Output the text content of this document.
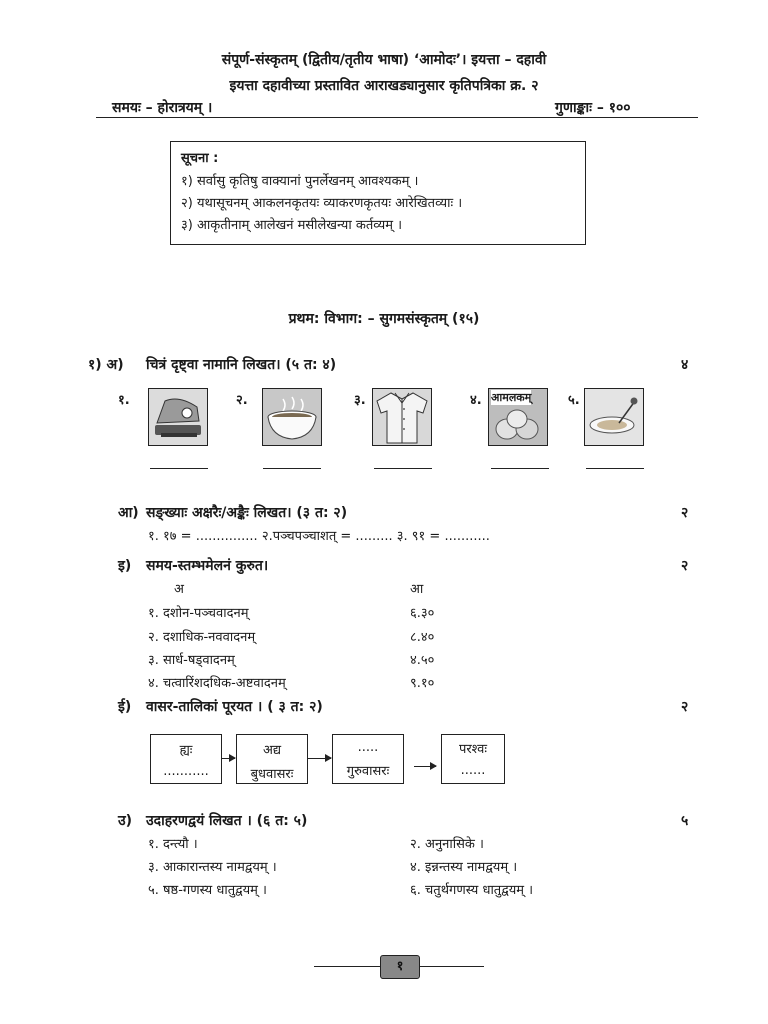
संपूर्ण-संस्कृतम् (द्वितीय/तृतीय भाषा) ‘आमोदः’। इयत्ता – दहावी
इयत्ता दहावीच्या प्रस्तावित आराखड्यानुसार कृतिपत्रिका क्र. २
समयः – होरात्रयम् ।	गुणाङ्काः – १००
सूचना :
१) सर्वासु कृतिषु वाक्यानां पुनर्लेखनम् आवश्यकम् ।
२) यथासूचनम् आकलनकृतयः व्याकरणकृतयः आरेखितव्याः ।
३) आकृतीनाम् आलेखनं मसीलेखन्या कर्तव्यम् ।
प्रथम: विभाग: – सुगमसंस्कृतम् (१५)
१) अ) चित्रं दृष्ट्वा नामानि लिखत। (५ त: ४)	४
१.	२.	३.	४. आमलकम्	५.
आ) सङ्ख्याः अक्षरैः/अङ्कैः लिखत। (३ त: २)	२
१. १७ = ............... २.पञ्चपञ्चाशत् = ......... ३. ९१ = ...........
इ) समय-स्तम्भमेलनं कुरुत।	२
अ	आ
१. दशोन-पञ्चवादनम्	६.३०
२. दशाधिक-नववादनम्	८.४०
३. सार्ध-षड्वादनम्	४.५०
४. चत्वारिंशदधिक-अष्टवादनम्	९.१०
ई) वासर-तालिकां पूरयत । ( ३ त: २)	२
ह्यः
...........
अद्य
बुधवासरः
.....
गुरुवासरः
परश्वः
......
उ) उदाहरणद्वयं लिखत । (६ त: ५)	५
१. दन्त्यौ ।	२. अनुनासिके ।
३. आकारान्तस्य नामद्वयम् ।	४. इन्नन्तस्य नामद्वयम् ।
५. षष्ठ-गणस्य धातुद्वयम् ।	६. चतुर्थगणस्य धातुद्वयम् ।
१
